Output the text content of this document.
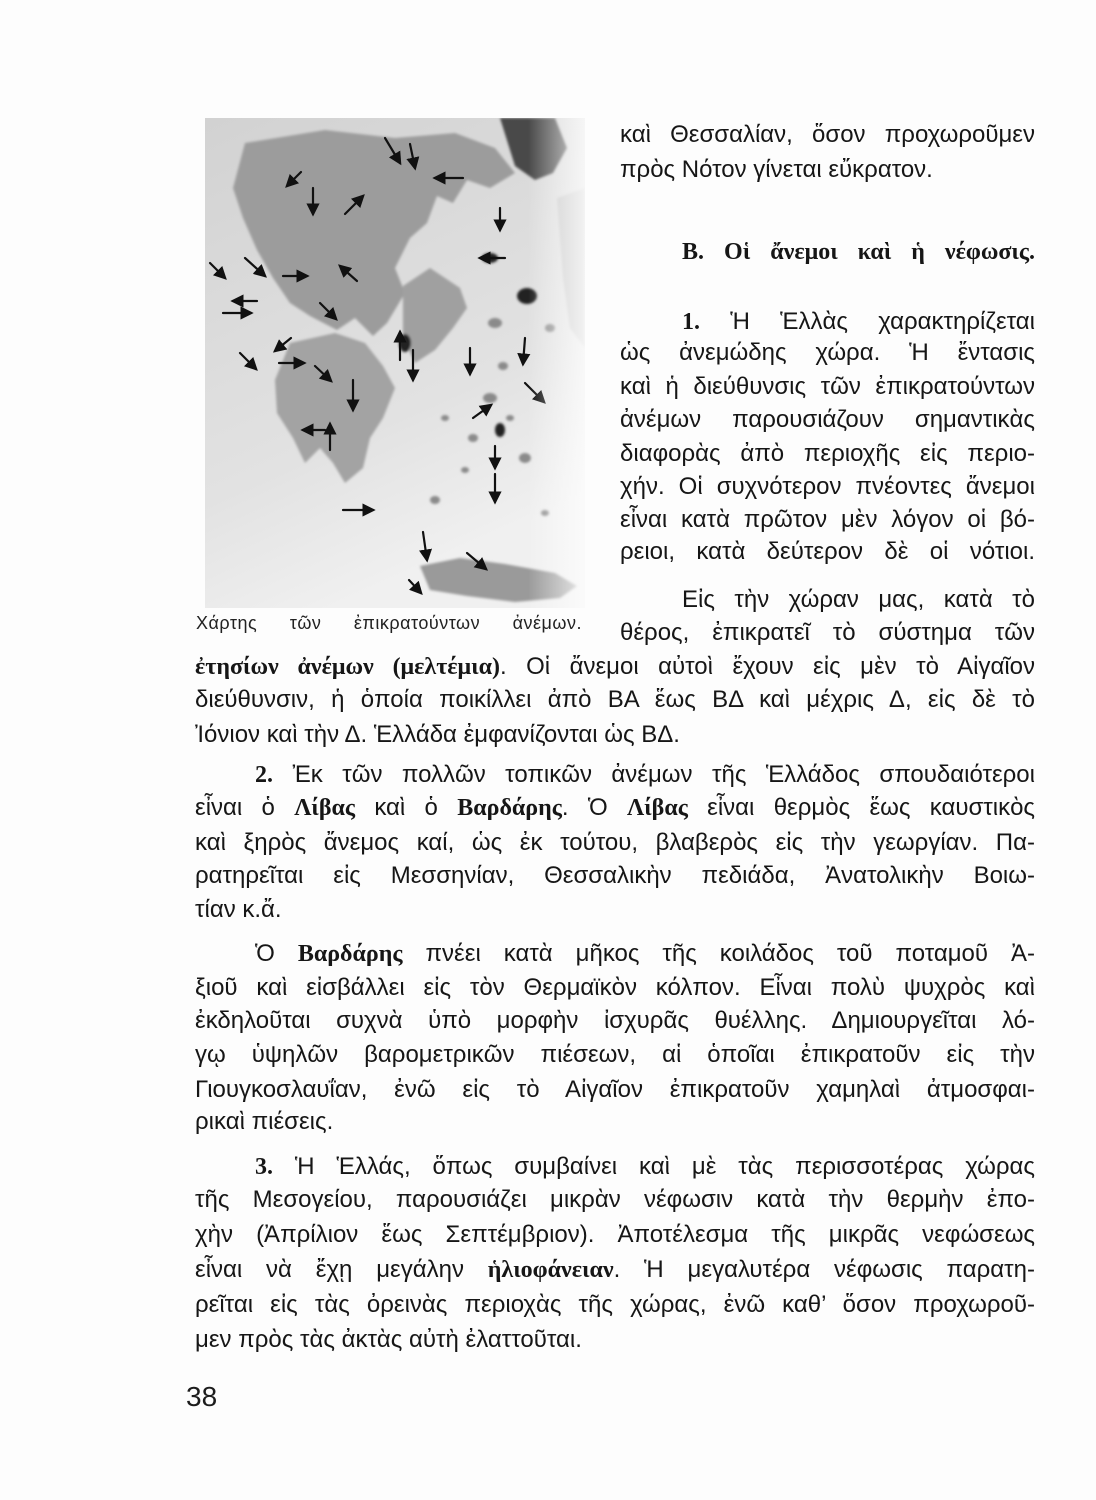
Χάρτης τῶν ἐπικρατούντων ἀνέμων.
καὶ Θεσσαλίαν, ὅσον προχωροῦμεν
πρὸς Νότον γίνεται εὔκρατον.
Β. Οἱ ἄνεμοι καὶ ἡ νέφωσις.
1. Ἡ Ἑλλὰς χαρακτηρίζεται
ὡς ἀνεμώδης χώρα. Ἡ ἔντασις
καὶ ἡ διεύθυνσις τῶν ἐπικρατούντων
ἀνέμων παρουσιάζουν σημαντικὰς
διαφορὰς ἀπὸ περιοχῆς εἰς περιο-
χήν. Οἱ συχνότερον πνέοντες ἄνεμοι
εἶναι κατὰ πρῶτον μὲν λόγον οἱ βό-
ρειοι, κατὰ δεύτερον δὲ οἱ νότιοι.
Εἰς τὴν χώραν μας, κατὰ τὸ
θέρος, ἐπικρατεῖ τὸ σύστημα τῶν
ἐτησίων ἀνέμων (μελτέμια). Οἱ ἄνεμοι αὐτοὶ ἔχουν εἰς μὲν τὸ Αἰγαῖον
διεύθυνσιν, ἡ ὁποία ποικίλλει ἀπὸ ΒΑ ἕως ΒΔ καὶ μέχρις Δ, εἰς δὲ τὸ
Ἰόνιον καὶ τὴν Δ. Ἑλλάδα ἐμφανίζονται ὡς ΒΔ.
2. Ἐκ τῶν πολλῶν τοπικῶν ἀνέμων τῆς Ἑλλάδος σπουδαιότεροι
εἶναι ὁ Λίβας καὶ ὁ Βαρδάρης. Ὁ Λίβας εἶναι θερμὸς ἕως καυστικὸς
καὶ ξηρὸς ἄνεμος καί, ὡς ἐκ τούτου, βλαβερὸς εἰς τὴν γεωργίαν. Πα-
ρατηρεῖται εἰς Μεσσηνίαν, Θεσσαλικὴν πεδιάδα, Ἀνατολικὴν Βοιω-
τίαν κ.ἄ.
Ὁ Βαρδάρης πνέει κατὰ μῆκος τῆς κοιλάδος τοῦ ποταμοῦ Ἀ-
ξιοῦ καὶ εἰσβάλλει εἰς τὸν Θερμαϊκὸν κόλπον. Εἶναι πολὺ ψυχρὸς καὶ
ἐκδηλοῦται συχνὰ ὑπὸ μορφὴν ἰσχυρᾶς θυέλλης. Δημιουργεῖται λό-
γῳ ὑψηλῶν βαρομετρικῶν πιέσεων, αἱ ὁποῖαι ἐπικρατοῦν εἰς τὴν
Γιουγκοσλαυΐαν, ἐνῶ εἰς τὸ Αἰγαῖον ἐπικρατοῦν χαμηλαὶ ἀτμοσφαι-
ρικαὶ πιέσεις.
3. Ἡ Ἑλλάς, ὅπως συμβαίνει καὶ μὲ τὰς περισσοτέρας χώρας
τῆς Μεσογείου, παρουσιάζει μικρὰν νέφωσιν κατὰ τὴν θερμὴν ἐπο-
χὴν (Ἀπρίλιον ἕως Σεπτέμβριον). Ἀποτέλεσμα τῆς μικρᾶς νεφώσεως
εἶναι νὰ ἔχῃ μεγάλην ἡλιοφάνειαν. Ἡ μεγαλυτέρα νέφωσις παρατη-
ρεῖται εἰς τὰς ὀρεινὰς περιοχὰς τῆς χώρας, ἐνῶ καθ’ ὅσον προχωροῦ-
μεν πρὸς τὰς ἀκτὰς αὐτὴ ἐλαττοῦται.
38
